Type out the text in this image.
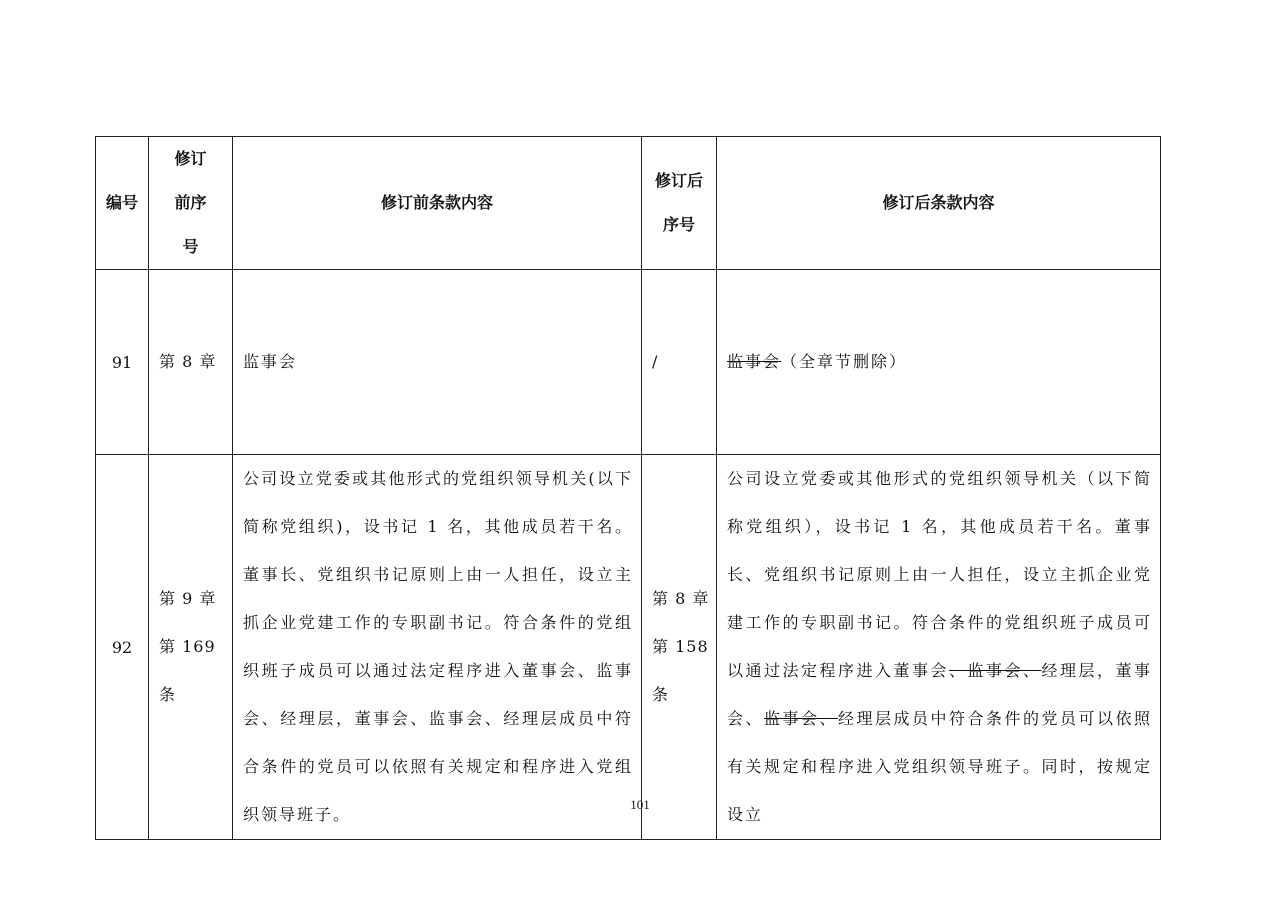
编号	修订前序号	修订前条款内容	修订后序号	修订后条款内容
91	第 8 章	监事会	/	监事会（全章节删除）
92	第 9 章第 169 条	公司设立党委或其他形式的党组织领导机关(以下简称党组织)，设书记 1 名，其他成员若干名。董事长、党组织书记原则上由一人担任，设立主抓企业党建工作的专职副书记。符合条件的党组织班子成员可以通过法定程序进入董事会、监事会、经理层，董事会、监事会、经理层成员中符合条件的党员可以依照有关规定和程序进入党组织领导班子。	第 8 章第 158 条	公司设立党委或其他形式的党组织领导机关（以下简称党组织），设书记 1 名，其他成员若干名。董事长、党组织书记原则上由一人担任，设立主抓企业党建工作的专职副书记。符合条件的党组织班子成员可以通过法定程序进入董事会、监事会、经理层，董事会、监事会、经理层成员中符合条件的党员可以依照有关规定和程序进入党组织领导班子。同时，按规定设立
101
